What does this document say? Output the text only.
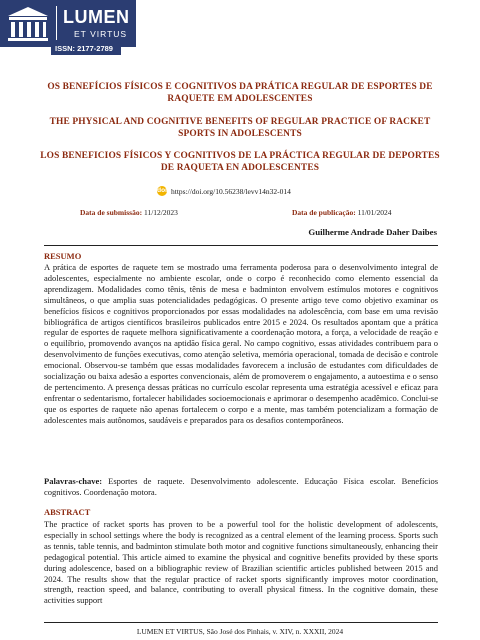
LUMEN
ET VIRTUS
ISSN: 2177-2789
OS BENEFÍCIOS FÍSICOS E COGNITIVOS DA PRÁTICA REGULAR DE ESPORTES DE RAQUETE EM ADOLESCENTES
THE PHYSICAL AND COGNITIVE BENEFITS OF REGULAR PRACTICE OF RACKET SPORTS IN ADOLESCENTS
LOS BENEFICIOS FÍSICOS Y COGNITIVOS DE LA PRÁCTICA REGULAR DE DEPORTES DE RAQUETA EN ADOLESCENTES
doi https://doi.org/10.56238/levv14n32-014
Data de submissão: 11/12/2023	Data de publicação: 11/01/2024
Guilherme Andrade Daher Daibes
RESUMO
A prática de esportes de raquete tem se mostrado uma ferramenta poderosa para o desenvolvimento integral de adolescentes, especialmente no ambiente escolar, onde o corpo é reconhecido como elemento essencial da aprendizagem. Modalidades como tênis, tênis de mesa e badminton envolvem estímulos motores e cognitivos simultâneos, o que amplia suas potencialidades pedagógicas. O presente artigo teve como objetivo examinar os benefícios físicos e cognitivos proporcionados por essas modalidades na adolescência, com base em uma revisão bibliográfica de artigos científicos brasileiros publicados entre 2015 e 2024. Os resultados apontam que a prática regular de esportes de raquete melhora significativamente a coordenação motora, a força, a velocidade de reação e o equilíbrio, promovendo avanços na aptidão física geral. No campo cognitivo, essas atividades contribuem para o desenvolvimento de funções executivas, como atenção seletiva, memória operacional, tomada de decisão e controle emocional. Observou-se também que essas modalidades favorecem a inclusão de estudantes com dificuldades de socialização ou baixa adesão a esportes convencionais, além de promoverem o engajamento, a autoestima e o senso de pertencimento. A presença dessas práticas no currículo escolar representa uma estratégia acessível e eficaz para enfrentar o sedentarismo, fortalecer habilidades socioemocionais e aprimorar o desempenho acadêmico. Conclui-se que os esportes de raquete não apenas fortalecem o corpo e a mente, mas também potencializam a formação de adolescentes mais autônomos, saudáveis e preparados para os desafios contemporâneos.
Palavras-chave: Esportes de raquete. Desenvolvimento adolescente. Educação Física escolar. Benefícios cognitivos. Coordenação motora.
ABSTRACT
The practice of racket sports has proven to be a powerful tool for the holistic development of adolescents, especially in school settings where the body is recognized as a central element of the learning process. Sports such as tennis, table tennis, and badminton stimulate both motor and cognitive functions simultaneously, enhancing their pedagogical potential. This article aimed to examine the physical and cognitive benefits provided by these sports during adolescence, based on a bibliographic review of Brazilian scientific articles published between 2015 and 2024. The results show that the regular practice of racket sports significantly improves motor coordination, strength, reaction speed, and balance, contributing to overall physical fitness. In the cognitive domain, these activities support
LUMEN ET VIRTUS, São José dos Pinhais, v. XIV, n. XXXII, 2024
